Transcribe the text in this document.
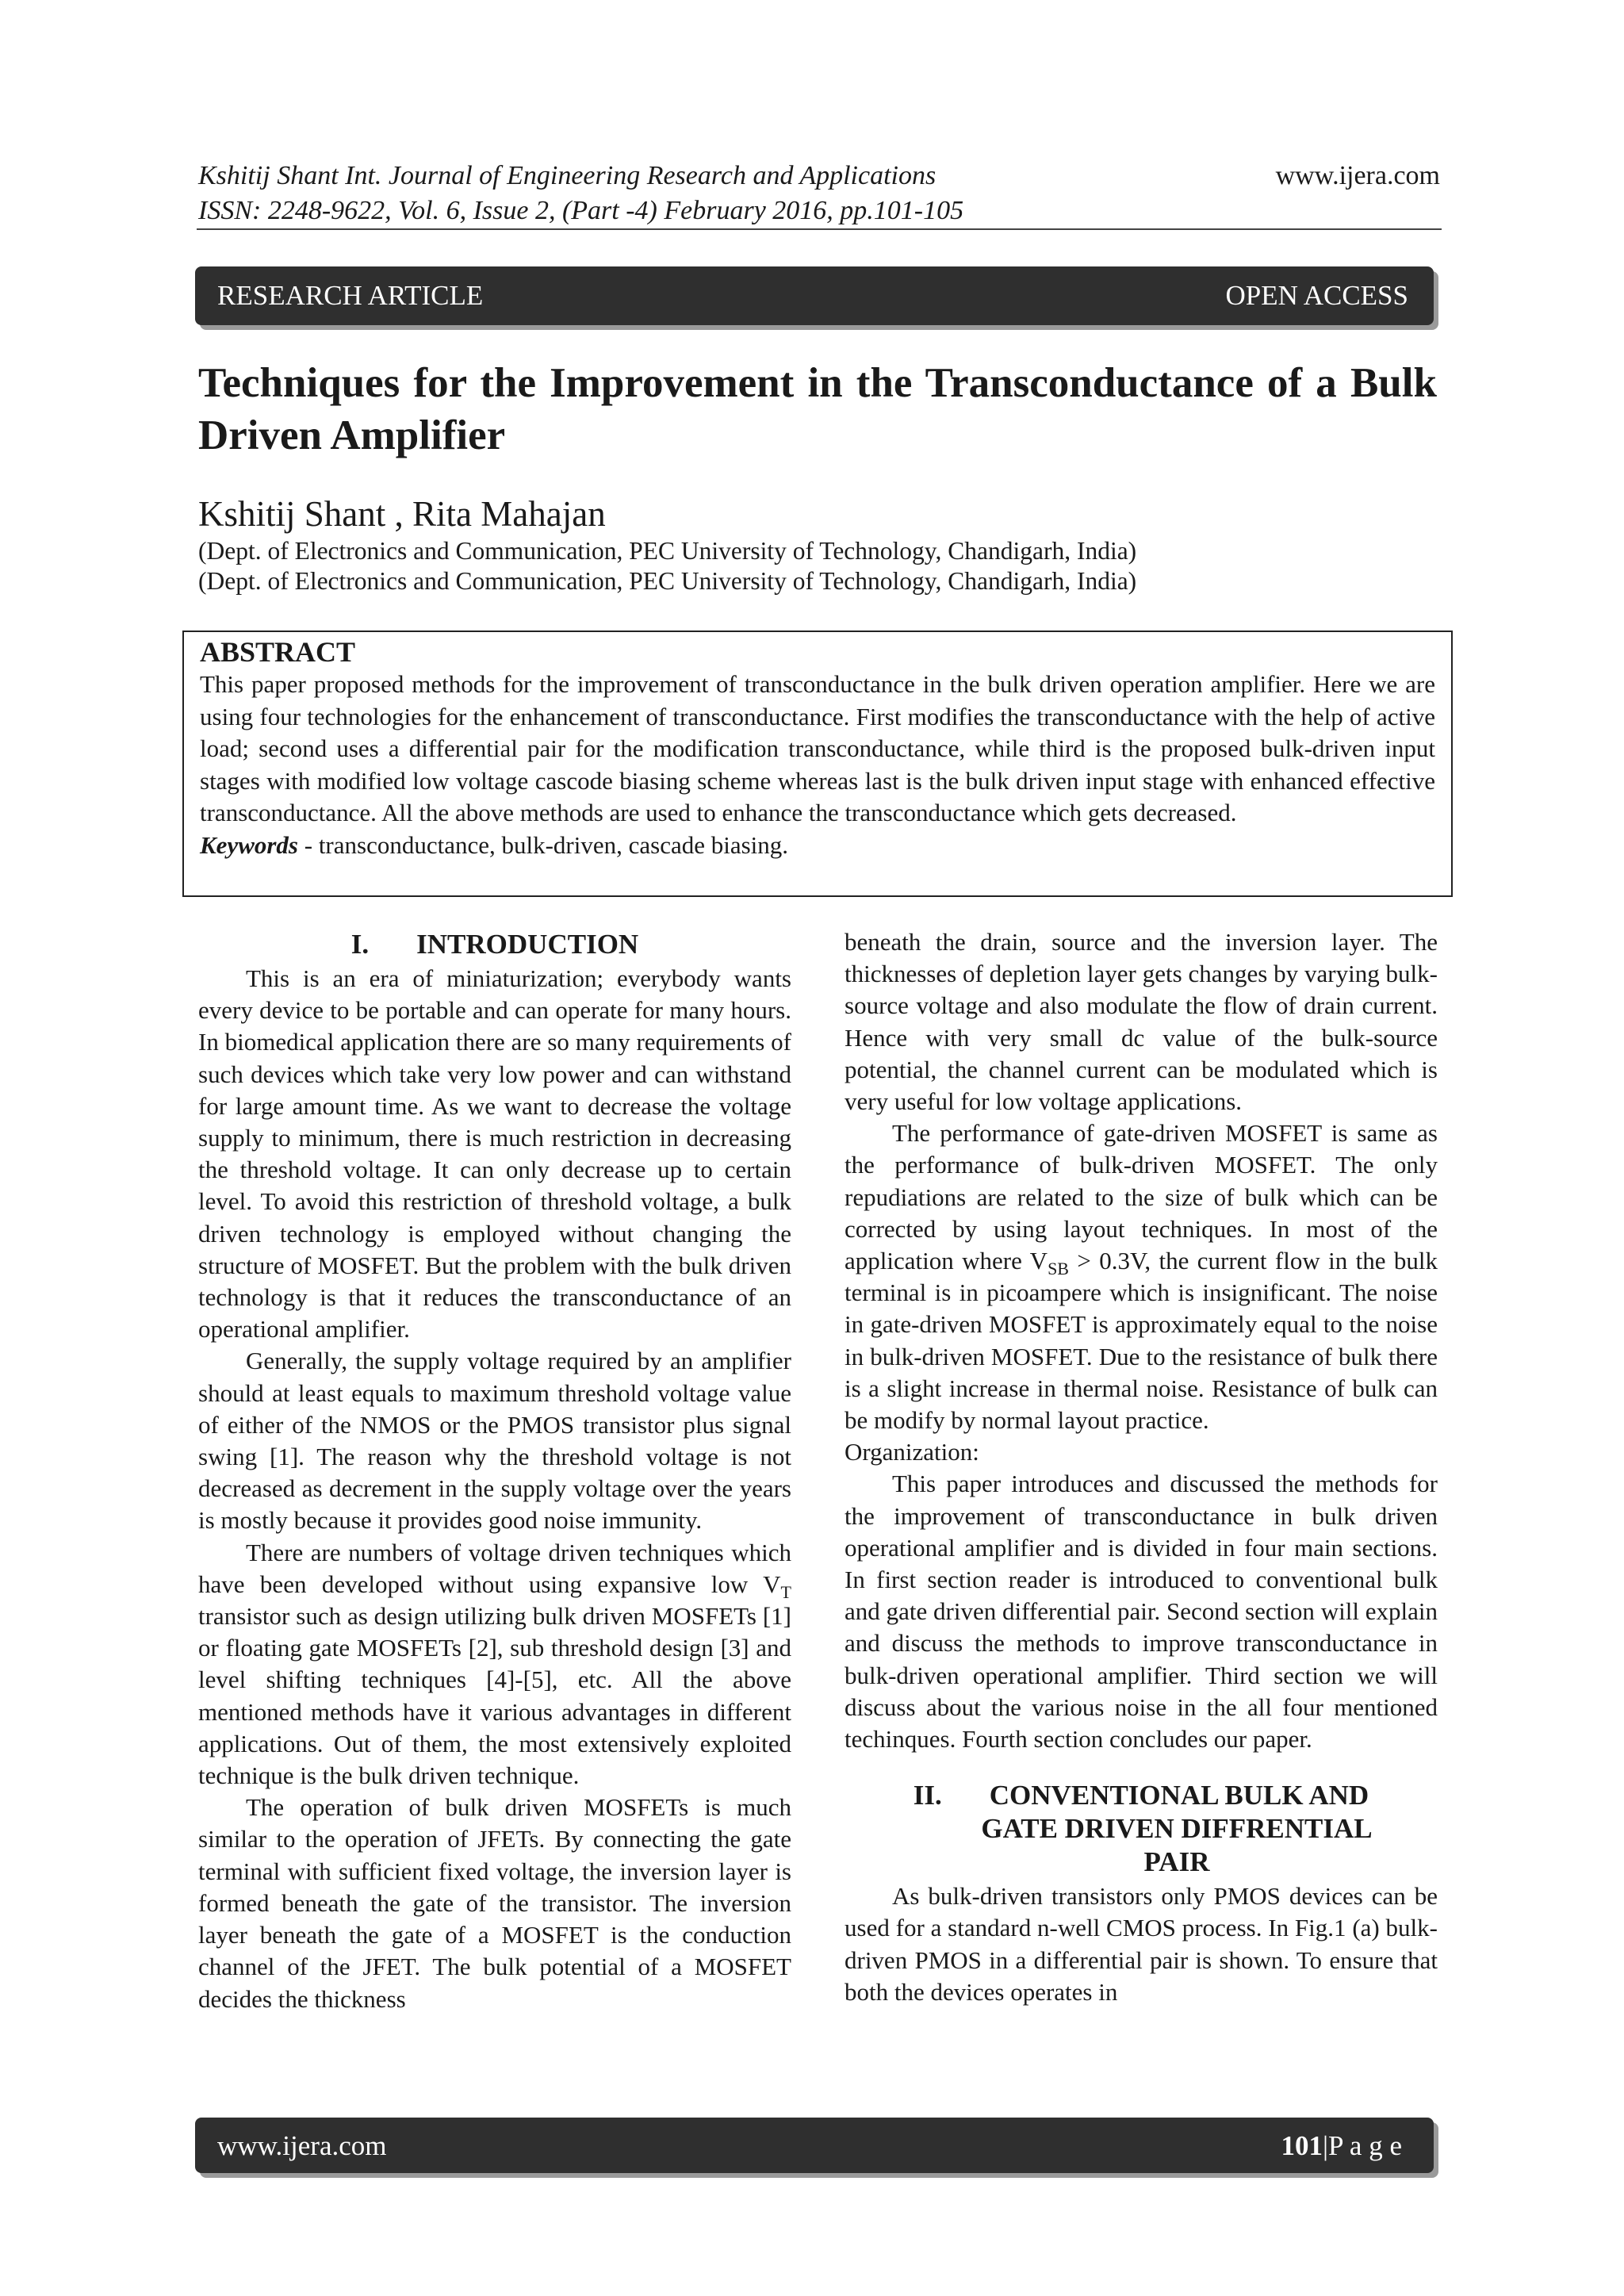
Kshitij Shant Int. Journal of Engineering Research and Applications
ISSN: 2248-9622, Vol. 6, Issue 2, (Part -4) February 2016, pp.101-105
www.ijera.com
RESEARCH ARTICLE	OPEN ACCESS
Techniques for the Improvement in the Transconductance of a Bulk Driven Amplifier
Kshitij Shant , Rita Mahajan
(Dept. of Electronics and Communication, PEC University of Technology, Chandigarh, India)
(Dept. of Electronics and Communication, PEC University of Technology, Chandigarh, India)
ABSTRACT
This paper proposed methods for the improvement of transconductance in the bulk driven operation amplifier. Here we are using four technologies for the enhancement of transconductance. First modifies the transconductance with the help of active load; second uses a differential pair for the modification transconductance, while third is the proposed bulk-driven input stages with modified low voltage cascode biasing scheme whereas last is the bulk driven input stage with enhanced effective transconductance. All the above methods are used to enhance the transconductance which gets decreased.
Keywords - transconductance, bulk-driven, cascade biasing.
I. INTRODUCTION

This is an era of miniaturization; everybody wants every device to be portable and can operate for many hours. In biomedical application there are so many requirements of such devices which take very low power and can withstand for large amount time. As we want to decrease the voltage supply to minimum, there is much restriction in decreasing the threshold voltage. It can only decrease up to certain level. To avoid this restriction of threshold voltage, a bulk driven technology is employed without changing the structure of MOSFET. But the problem with the bulk driven technology is that it reduces the transconductance of an operational amplifier.

Generally, the supply voltage required by an amplifier should at least equals to maximum threshold voltage value of either of the NMOS or the PMOS transistor plus signal swing [1]. The reason why the threshold voltage is not decreased as decrement in the supply voltage over the years is mostly because it provides good noise immunity.

There are numbers of voltage driven techniques which have been developed without using expansive low $V_T$ transistor such as design utilizing bulk driven MOSFETs [1] or floating gate MOSFETs [2], sub threshold design [3] and level shifting techniques [4]-[5], etc. All the above mentioned methods have it various advantages in different applications. Out of them, the most extensively exploited technique is the bulk driven technique.

The operation of bulk driven MOSFETs is much similar to the operation of JFETs. By connecting the gate terminal with sufficient fixed voltage, the inversion layer is formed beneath the gate of the transistor. The inversion layer beneath the gate of a MOSFET is the conduction channel of the JFET. The bulk potential of a MOSFET decides the thickness

beneath the drain, source and the inversion layer. The thicknesses of depletion layer gets changes by varying bulk-source voltage and also modulate the flow of drain current. Hence with very small dc value of the bulk-source potential, the channel current can be modulated which is very useful for low voltage applications.

The performance of gate-driven MOSFET is same as the performance of bulk-driven MOSFET. The only repudiations are related to the size of bulk which can be corrected by using layout techniques. In most of the application where $V_{SB} > 0.3V$, the current flow in the bulk terminal is in picoampere which is insignificant. The noise in gate-driven MOSFET is approximately equal to the noise in bulk-driven MOSFET. Due to the resistance of bulk there is a slight increase in thermal noise. Resistance of bulk can be modify by normal layout practice.

Organization:

This paper introduces and discussed the methods for the improvement of transconductance in bulk driven operational amplifier and is divided in four main sections. In first section reader is introduced to conventional bulk and gate driven differential pair. Second section will explain and discuss the methods to improve transconductance in bulk-driven operational amplifier. Third section we will discuss about the various noise in the all four mentioned techinques. Fourth section concludes our paper.

II. CONVENTIONAL BULK AND
GATE DRIVEN DIFFRENTIAL
PAIR

As bulk-driven transistors only PMOS devices can be used for a standard n-well CMOS process. In Fig.1 (a) bulk-driven PMOS in a differential pair is shown. To ensure that both the devices operates in

www.ijera.com	101|P a g e
